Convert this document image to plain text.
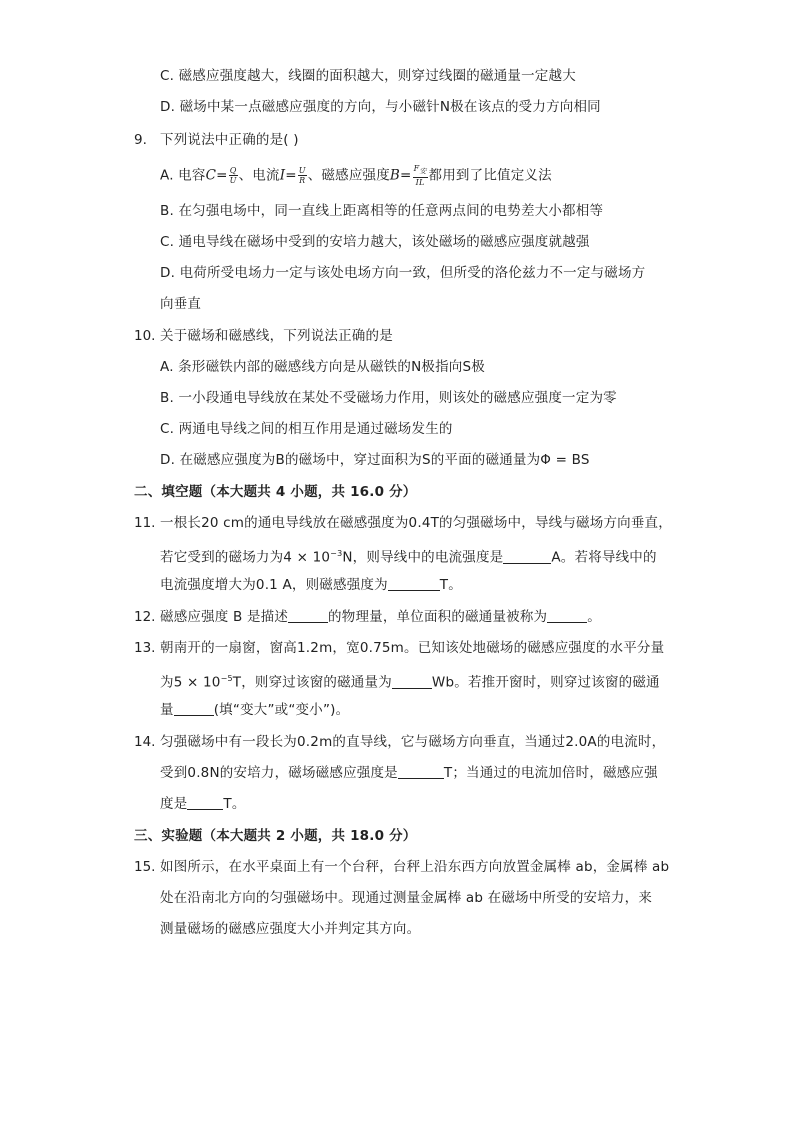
C. 磁感应强度越大，线圈的面积越大，则穿过线圈的磁通量一定越大
D. 磁场中某一点磁感应强度的方向，与小磁针N极在该点的受力方向相同
9. 下列说法中正确的是( )
A. 电容$C= \frac{Q}{U}$ 、电流$I= \frac{U}{R}$ 、磁感应强度$B= \frac{F_安}{IL}$ 都用到了比值定义法
B. 在匀强电场中，同一直线上距离相等的任意两点间的电势差大小都相等
C. 通电导线在磁场中受到的安培力越大，该处磁场的磁感应强度就越强
D. 电荷所受电场力一定与该处电场方向一致，但所受的洛伦兹力不一定与磁场方
向垂直
10. 关于磁场和磁感线，下列说法正确的是
A. 条形磁铁内部的磁感线方向是从磁铁的N极指向S极
B. 一小段通电导线放在某处不受磁场力作用，则该处的磁感应强度一定为零
C. 两通电导线之间的相互作用是通过磁场发生的
D. 在磁感应强度为B的磁场中，穿过面积为S的平面的磁通量为Φ = BS
二、填空题（本大题共 4 小题，共 16.0 分）
11. 一根长20 cm的通电导线放在磁感强度为0.4T的匀强磁场中，导线与磁场方向垂直，
若它受到的磁场力为$4 \times 10^{-3}N$，则导线中的电流强度是	A。若将导线中的
电流强度增大为0.1 A，则磁感强度为	T。
12. 磁感应强度 B 是描述	的物理量，单位面积的磁通量被称为	。
13. 朝南开的一扇窗，窗高1.2m，宽0.75m。已知该处地磁场的磁感应强度的水平分量
为$5 \times 10^{-5}T$，则穿过该窗的磁通量为	Wb。若推开窗时，则穿过该窗的磁通
量	(填“变大”或“变小”)。
14. 匀强磁场中有一段长为0.2m的直导线，它与磁场方向垂直，当通过2.0A的电流时，
受到0.8N的安培力，磁场磁感应强度是	T；当通过的电流加倍时，磁感应强
度是	T。
三、实验题（本大题共 2 小题，共 18.0 分）
15. 如图所示，在水平桌面上有一个台秤，台秤上沿东西方向放置金属棒 ab，金属棒 ab
处在沿南北方向的匀强磁场中。现通过测量金属棒 ab 在磁场中所受的安培力，来
测量磁场的磁感应强度大小并判定其方向。
